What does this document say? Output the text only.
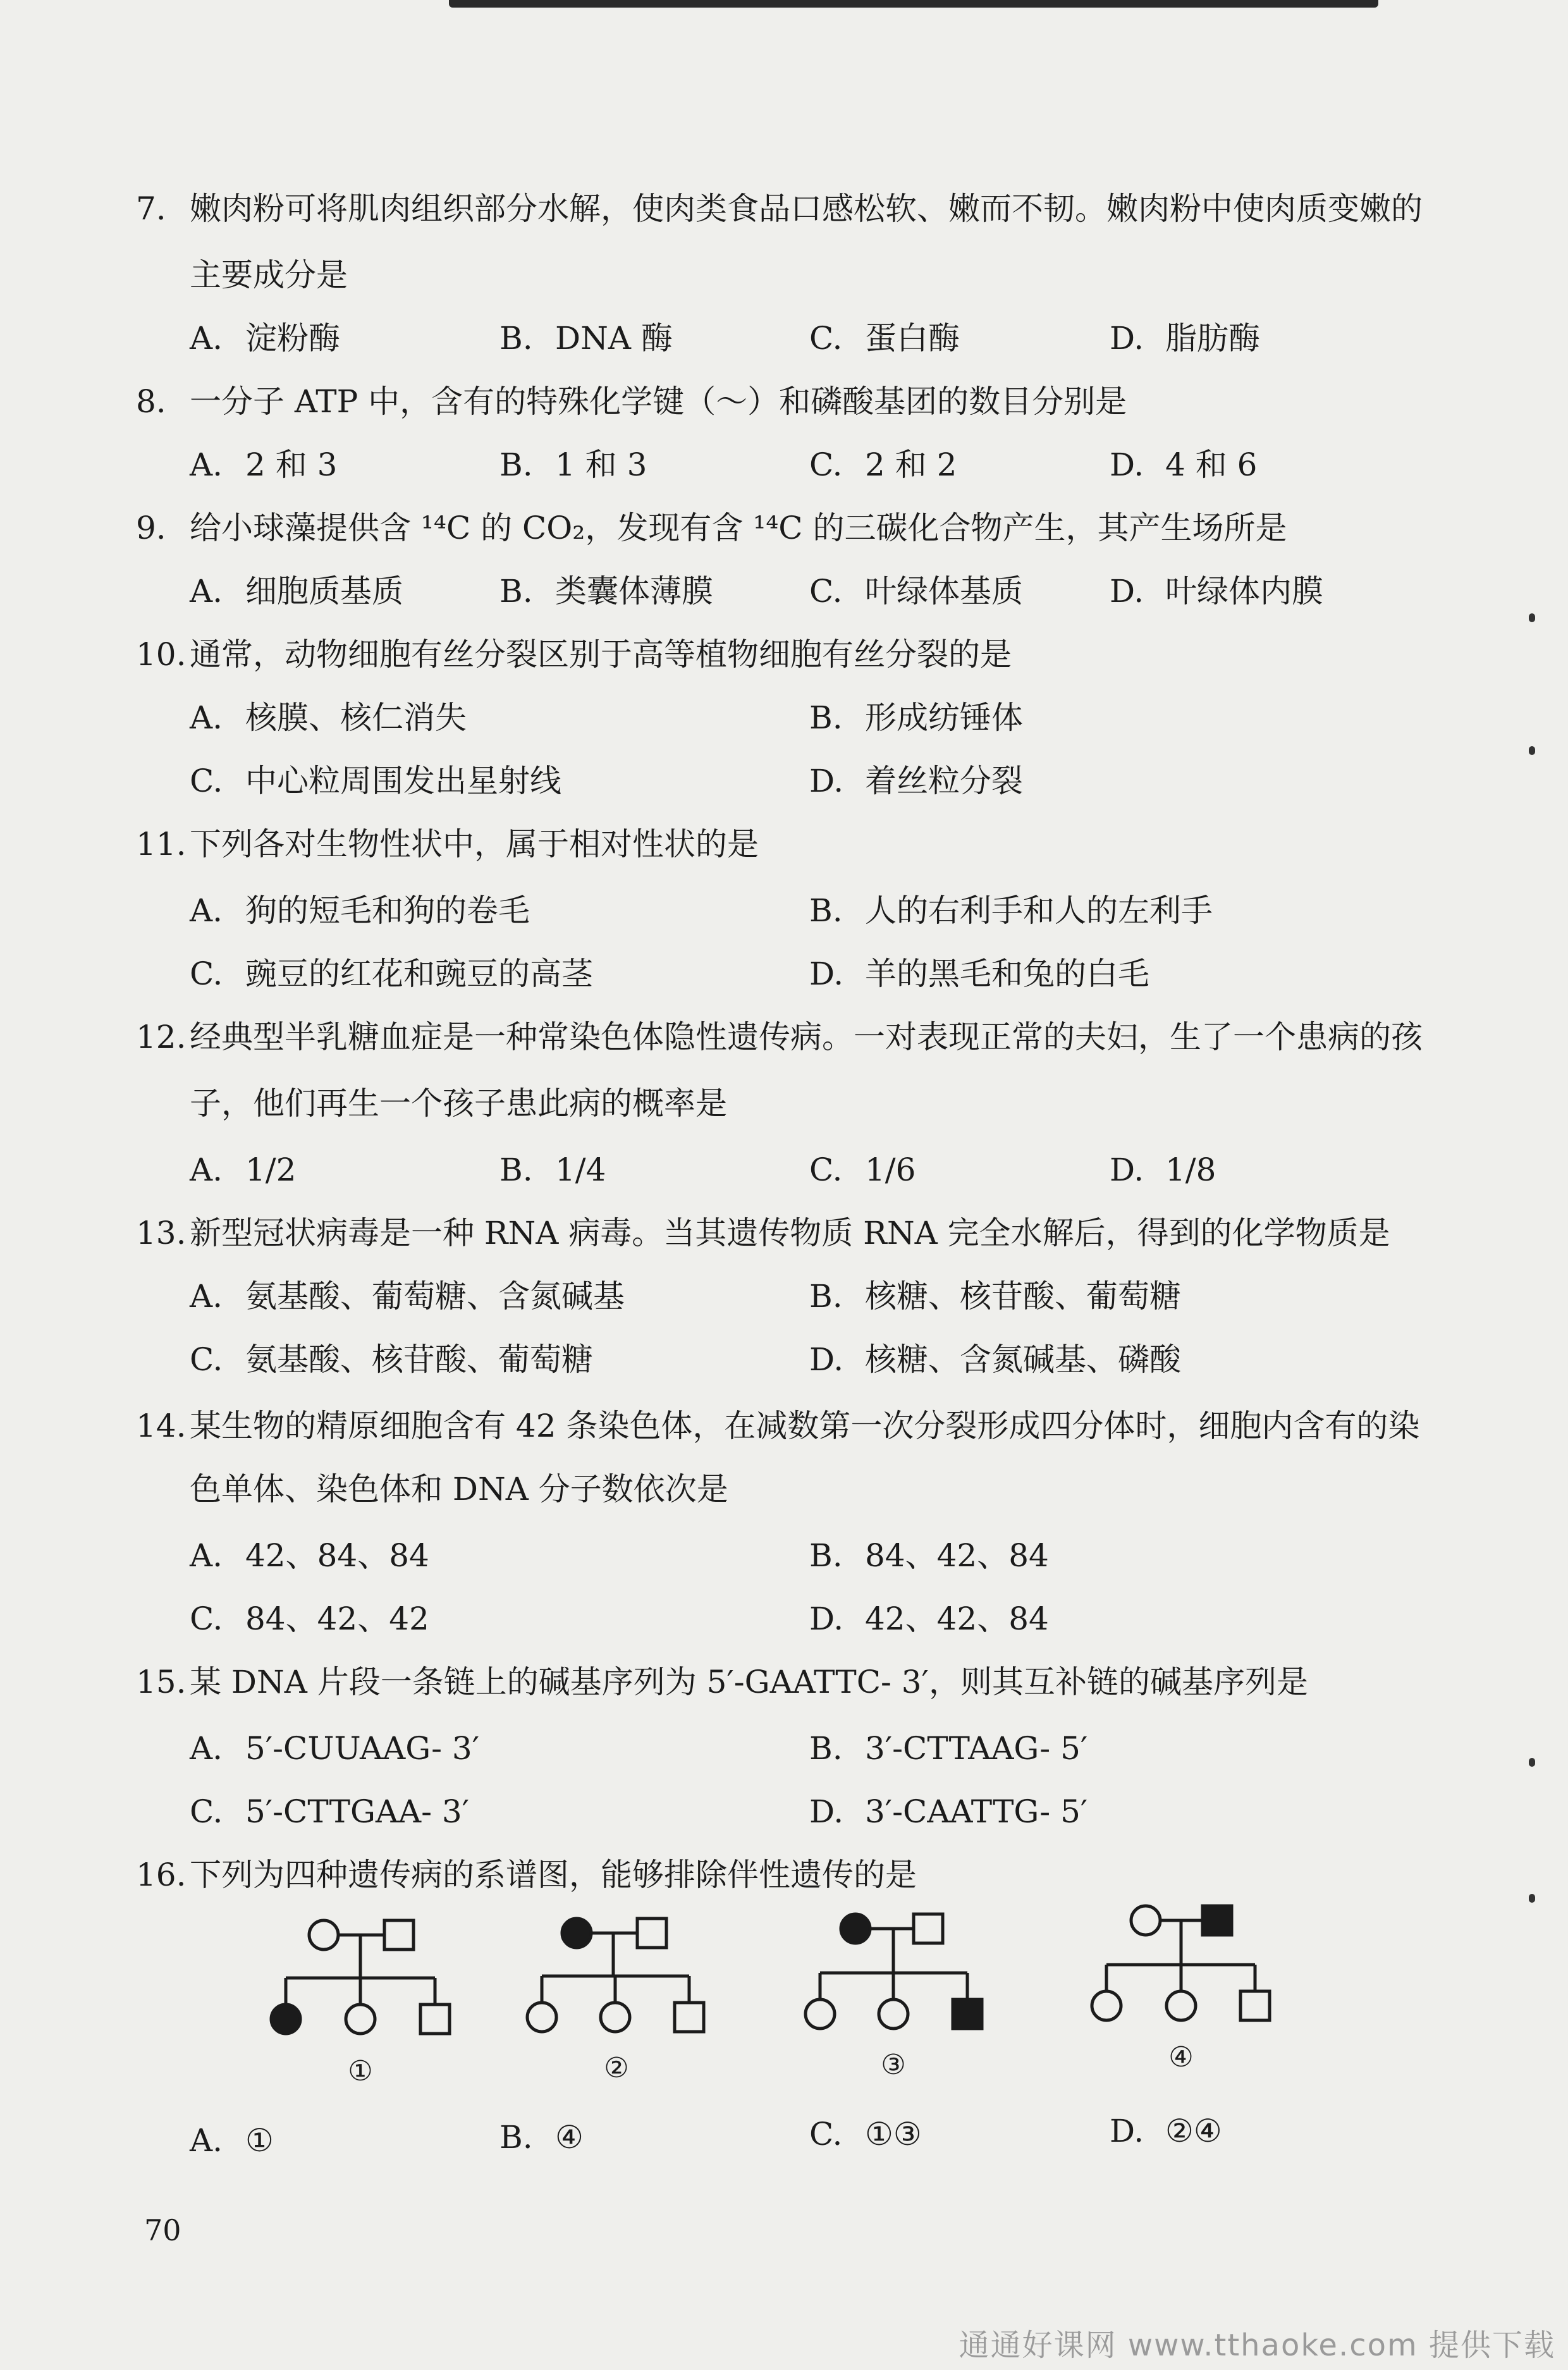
7. 嫩肉粉可将肌肉组织部分水解，使肉类食品口感松软、嫩而不韧。嫩肉粉中使肉质变嫩的
主要成分是
A. 淀粉酶	B. DNA 酶	C. 蛋白酶	D. 脂肪酶
8. 一分子 ATP 中，含有的特殊化学键（～）和磷酸基团的数目分别是
A. 2 和 3	B. 1 和 3	C. 2 和 2	D. 4 和 6
9. 给小球藻提供含 ¹⁴C 的 CO₂，发现有含 ¹⁴C 的三碳化合物产生，其产生场所是
A. 细胞质基质	B. 类囊体薄膜	C. 叶绿体基质	D. 叶绿体内膜
10. 通常，动物细胞有丝分裂区别于高等植物细胞有丝分裂的是
A. 核膜、核仁消失	B. 形成纺锤体
C. 中心粒周围发出星射线	D. 着丝粒分裂
11. 下列各对生物性状中，属于相对性状的是
A. 狗的短毛和狗的卷毛	B. 人的右利手和人的左利手
C. 豌豆的红花和豌豆的高茎	D. 羊的黑毛和兔的白毛
12. 经典型半乳糖血症是一种常染色体隐性遗传病。一对表现正常的夫妇，生了一个患病的孩
子，他们再生一个孩子患此病的概率是
A. 1/2	B. 1/4	C. 1/6	D. 1/8
13. 新型冠状病毒是一种 RNA 病毒。当其遗传物质 RNA 完全水解后，得到的化学物质是
A. 氨基酸、葡萄糖、含氮碱基	B. 核糖、核苷酸、葡萄糖
C. 氨基酸、核苷酸、葡萄糖	D. 核糖、含氮碱基、磷酸
14. 某生物的精原细胞含有 42 条染色体，在减数第一次分裂形成四分体时，细胞内含有的染
色单体、染色体和 DNA 分子数依次是
A. 42、84、84	B. 84、42、84
C. 84、42、42	D. 42、42、84
15. 某 DNA 片段一条链上的碱基序列为 5′-GAATTC- 3′，则其互补链的碱基序列是
A. 5′-CUUAAG- 3′	B. 3′-CTTAAG- 5′
C. 5′-CTTGAA- 3′	D. 3′-CAATTG- 5′
16. 下列为四种遗传病的系谱图，能够排除伴性遗传的是
①	②	③	④
A. ①	B. ④	C. ①③	D. ②④
70
通通好课网 www.tthaoke.com 提供下载
